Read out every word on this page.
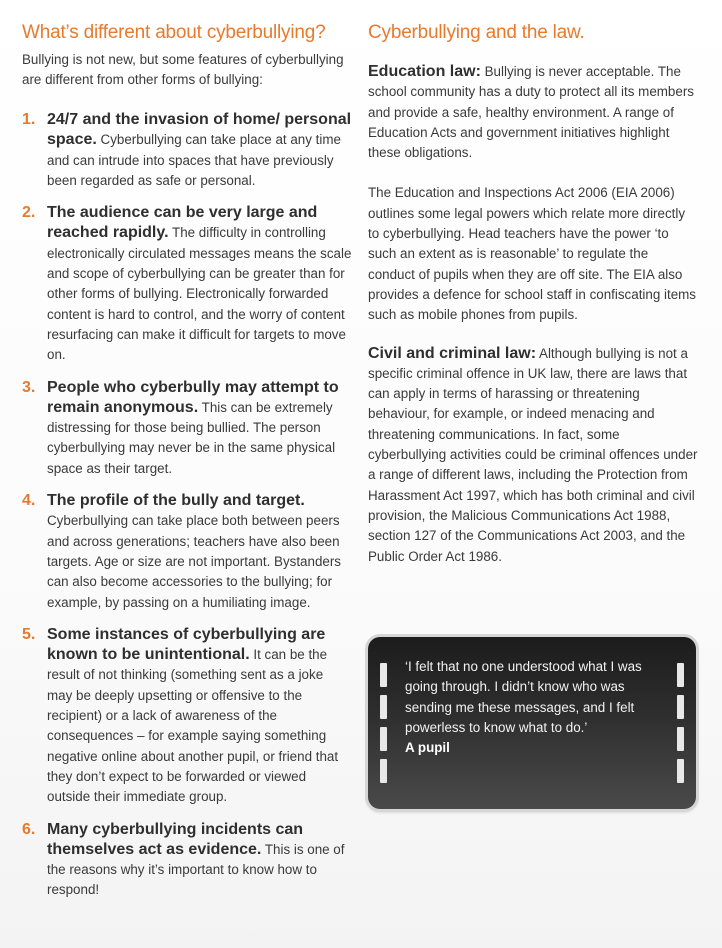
What’s different about cyberbullying?

Bullying is not new, but some features of cyberbullying are different from other forms of bullying:

1. 24/7 and the invasion of home/ personal space. Cyberbullying can take place at any time and can intrude into spaces that have previously been regarded as safe or personal.
2. The audience can be very large and reached rapidly. The difficulty in controlling electronically circulated messages means the scale and scope of cyberbullying can be greater than for other forms of bullying. Electronically forwarded content is hard to control, and the worry of content resurfacing can make it difficult for targets to move on.
3. People who cyberbully may attempt to remain anonymous. This can be extremely distressing for those being bullied. The person cyberbullying may never be in the same physical space as their target.
4. The profile of the bully and target. Cyberbullying can take place both between peers and across generations; teachers have also been targets. Age or size are not important. Bystanders can also become accessories to the bullying; for example, by passing on a humiliating image.
5. Some instances of cyberbullying are known to be unintentional. It can be the result of not thinking (something sent as a joke may be deeply upsetting or offensive to the recipient) or a lack of awareness of the consequences – for example saying something negative online about another pupil, or friend that they don’t expect to be forwarded or viewed outside their immediate group.
6. Many cyberbullying incidents can themselves act as evidence. This is one of the reasons why it’s important to know how to respond!
Cyberbullying and the law.

Education law: Bullying is never acceptable. The school community has a duty to protect all its members and provide a safe, healthy environment. A range of Education Acts and government initiatives highlight these obligations.

The Education and Inspections Act 2006 (EIA 2006) outlines some legal powers which relate more directly to cyberbullying. Head teachers have the power ‘to such an extent as is reasonable’ to regulate the conduct of pupils when they are off site. The EIA also provides a defence for school staff in confiscating items such as mobile phones from pupils.

Civil and criminal law: Although bullying is not a specific criminal offence in UK law, there are laws that can apply in terms of harassing or threatening behaviour, for example, or indeed menacing and threatening communications. In fact, some cyberbullying activities could be criminal offences under a range of different laws, including the Protection from Harassment Act 1997, which has both criminal and civil provision, the Malicious Communications Act 1988, section 127 of the Communications Act 2003, and the Public Order Act 1986.

‘I felt that no one understood what I was going through. I didn’t know who was sending me these messages, and I felt powerless to know what to do.’
A pupil
